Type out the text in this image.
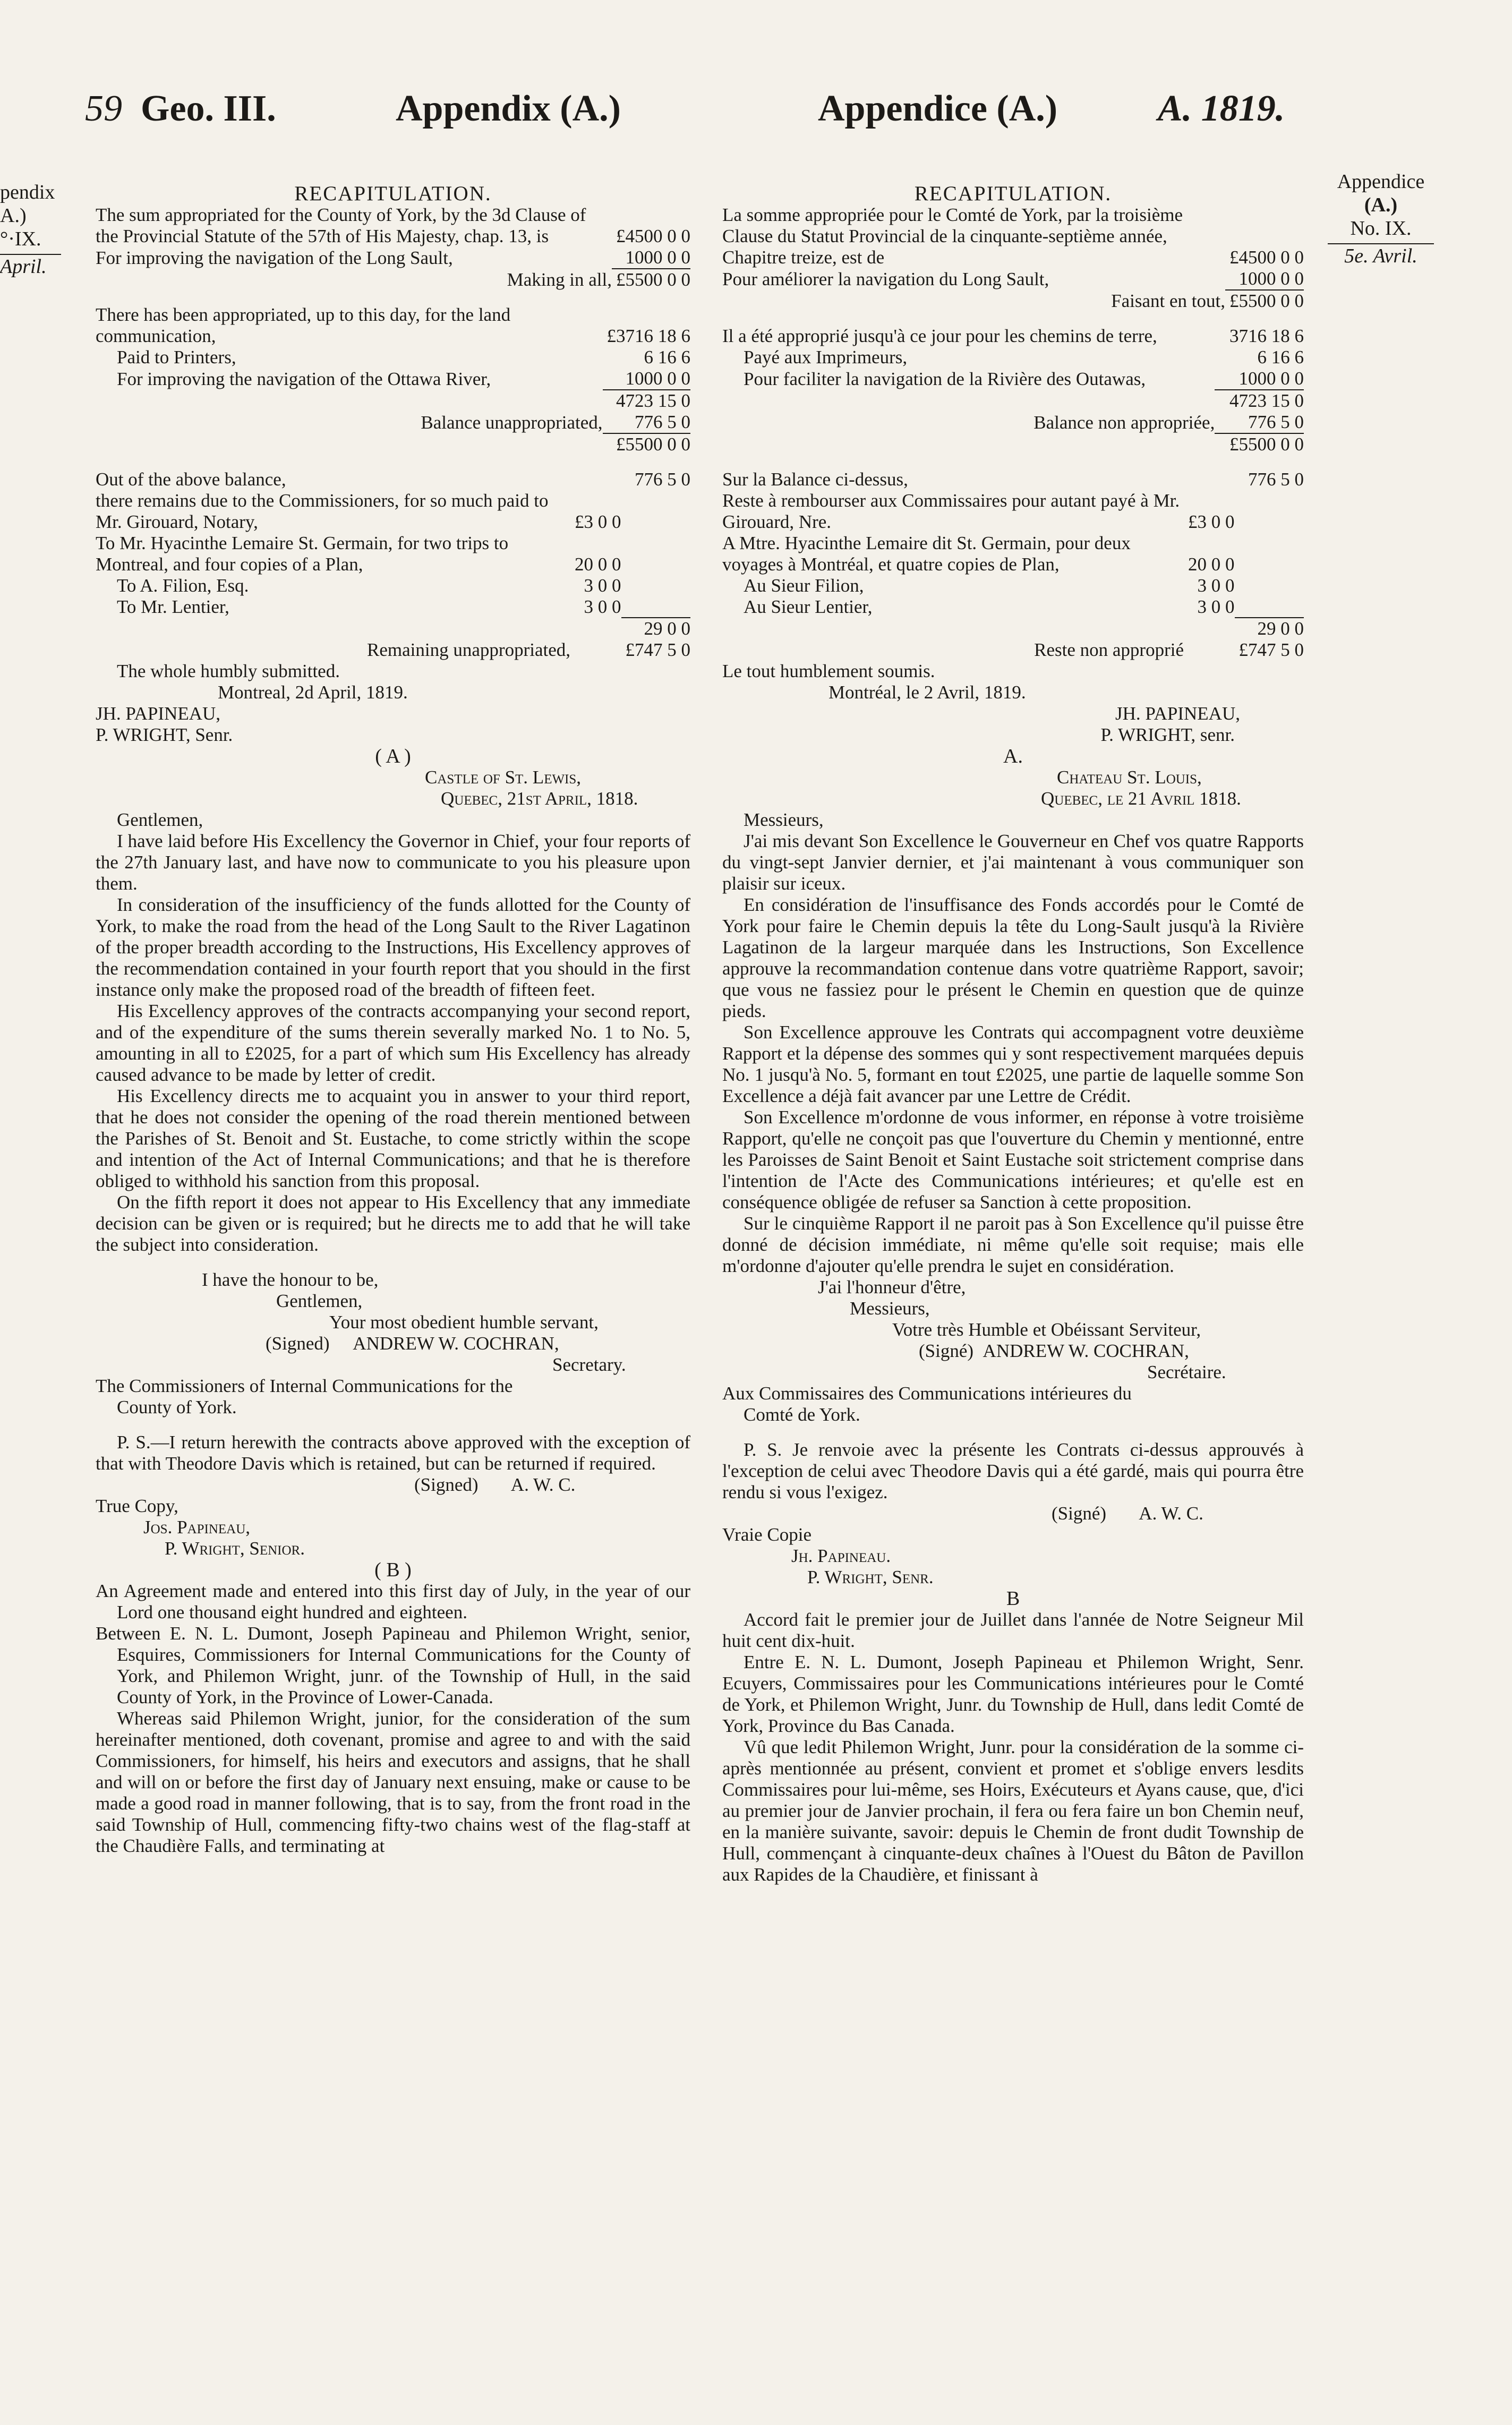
59 Geo. III.	Appendix (A.)	Appendice (A.)	A. 1819.
pendix
A.)
°·IX.
April.
Appendice
(A.)
No. IX.
5e. Avril.

RECAPITULATION.

The sum appropriated for the County of York, by the 3d Clause of the Provincial Statute of the 57th of His Majesty, chap. 13, is	£4500 0 0
For improving the navigation of the Long Sault,	1000 0 0
Making in all,	£5500 0 0
There has been appropriated, up to this day, for the land communication,	£3716 18 6
Paid to Printers,	6 16 6
For improving the navigation of the Ottawa River,	1000 0 0
	4723 15 0
Balance unappropriated,	776 5 0
	£5500 0 0
Out of the above balance,		776 5 0
there remains due to the Commissioners, for so much paid to Mr. Girouard, Notary,	£3 0 0	
To Mr. Hyacinthe Lemaire St. Germain, for two trips to Montreal, and four copies of a Plan,	20 0 0	
To A. Filion, Esq.	3 0 0	
To Mr. Lentier,	3 0 0	
		29 0 0
Remaining unappropriated,		£747 5 0

The whole humbly submitted.

Montreal, 2d April, 1819.

JH. PAPINEAU,

P. WRIGHT, Senr.

( A )

Castle of St. Lewis,

Quebec, 21st April, 1818.

Gentlemen,

I have laid before His Excellency the Governor in Chief, your four reports of the 27th January last, and have now to communicate to you his pleasure upon them.

In consideration of the insufficiency of the funds allotted for the County of York, to make the road from the head of the Long Sault to the River Lagatinon of the proper breadth according to the Instructions, His Excellency approves of the recommendation contained in your fourth report that you should in the first instance only make the proposed road of the breadth of fifteen feet.

His Excellency approves of the contracts accompanying your second report, and of the expenditure of the sums therein severally marked No. 1 to No. 5, amounting in all to £2025, for a part of which sum His Excellency has already caused advance to be made by letter of credit.

His Excellency directs me to acquaint you in answer to your third report, that he does not consider the opening of the road therein mentioned between the Parishes of St. Benoit and St. Eustache, to come strictly within the scope and intention of the Act of Internal Communications; and that he is therefore obliged to withhold his sanction from this proposal.

On the fifth report it does not appear to His Excellency that any immediate decision can be given or is required; but he directs me to add that he will take the subject into consideration.

I have the honour to be,

Gentlemen,

Your most obedient humble servant,

(Signed) ANDREW W. COCHRAN,

Secretary.

The Commissioners of Internal Communications for the County of York.

P. S.—I return herewith the contracts above approved with the exception of that with Theodore Davis which is retained, but can be returned if required.

(Signed) A. W. C.

True Copy,

Jos. Papineau,

P. Wright, Senior.

( B )

An Agreement made and entered into this first day of July, in the year of our Lord one thousand eight hundred and eighteen.

Between E. N. L. Dumont, Joseph Papineau and Philemon Wright, senior, Esquires, Commissioners for Internal Communications for the County of York, and Philemon Wright, junr. of the Township of Hull, in the said County of York, in the Province of Lower-Canada.

Whereas said Philemon Wright, junior, for the consideration of the sum hereinafter mentioned, doth covenant, promise and agree to and with the said Commissioners, for himself, his heirs and executors and assigns, that he shall and will on or before the first day of January next ensuing, make or cause to be made a good road in manner following, that is to say, from the front road in the said Township of Hull, commencing fifty-two chains west of the flag-staff at the Chaudière Falls, and terminating at

RECAPITULATION.

La somme appropriée pour le Comté de York, par la troisième Clause du Statut Provincial de la cinquante-septième année, Chapitre treize, est de	£4500 0 0
Pour améliorer la navigation du Long Sault,	1000 0 0
Faisant en tout,	£5500 0 0
Il a été approprié jusqu'à ce jour pour les chemins de terre,	3716 18 6
Payé aux Imprimeurs,	6 16 6
Pour faciliter la navigation de la Rivière des Outawas,	1000 0 0
	4723 15 0
Balance non appropriée,	776 5 0
	£5500 0 0
Sur la Balance ci-dessus,		776 5 0
Reste à rembourser aux Commissaires pour autant payé à Mr. Girouard, Nre.	£3 0 0	
A Mtre. Hyacinthe Lemaire dit St. Germain, pour deux voyages à Montréal, et quatre copies de Plan,	20 0 0	
Au Sieur Filion,	3 0 0	
Au Sieur Lentier,	3 0 0	
		29 0 0
Reste non approprié		£747 5 0

Le tout humblement soumis.

Montréal, le 2 Avril, 1819.

JH. PAPINEAU,

P. WRIGHT, senr.

A.

Chateau St. Louis,

Quebec, le 21 Avril 1818.

Messieurs,

J'ai mis devant Son Excellence le Gouverneur en Chef vos quatre Rapports du vingt-sept Janvier dernier, et j'ai maintenant à vous communiquer son plaisir sur iceux.

En considération de l'insuffisance des Fonds accordés pour le Comté de York pour faire le Chemin depuis la tête du Long-Sault jusqu'à la Rivière Lagatinon de la largeur marquée dans les Instructions, Son Excellence approuve la recommandation contenue dans votre quatrième Rapport, savoir; que vous ne fassiez pour le présent le Chemin en question que de quinze pieds.

Son Excellence approuve les Contrats qui accompagnent votre deuxième Rapport et la dépense des sommes qui y sont respectivement marquées depuis No. 1 jusqu'à No. 5, formant en tout £2025, une partie de laquelle somme Son Excellence a déjà fait avancer par une Lettre de Crédit.

Son Excellence m'ordonne de vous informer, en réponse à votre troisième Rapport, qu'elle ne conçoit pas que l'ouverture du Chemin y mentionné, entre les Paroisses de Saint Benoit et Saint Eustache soit strictement comprise dans l'intention de l'Acte des Communications intérieures; et qu'elle est en conséquence obligée de refuser sa Sanction à cette proposition.

Sur le cinquième Rapport il ne paroit pas à Son Excellence qu'il puisse être donné de décision immédiate, ni même qu'elle soit requise; mais elle m'ordonne d'ajouter qu'elle prendra le sujet en considération.

J'ai l'honneur d'être,

Messieurs,

Votre très Humble et Obéissant Serviteur,

(Signé) ANDREW W. COCHRAN,

Secrétaire.

Aux Commissaires des Communications intérieures du Comté de York.

P. S. Je renvoie avec la présente les Contrats ci-dessus approuvés à l'exception de celui avec Theodore Davis qui a été gardé, mais qui pourra être rendu si vous l'exigez.

(Signé) A. W. C.

Vraie Copie

Jh. Papineau.

P. Wright, Senr.

B

Accord fait le premier jour de Juillet dans l'année de Notre Seigneur Mil huit cent dix-huit.

Entre E. N. L. Dumont, Joseph Papineau et Philemon Wright, Senr. Ecuyers, Commissaires pour les Communications intérieures pour le Comté de York, et Philemon Wright, Junr. du Township de Hull, dans ledit Comté de York, Province du Bas Canada.

Vû que ledit Philemon Wright, Junr. pour la considération de la somme ci-après mentionnée au présent, convient et promet et s'oblige envers lesdits Commissaires pour lui-même, ses Hoirs, Exécuteurs et Ayans cause, que, d'ici au premier jour de Janvier prochain, il fera ou fera faire un bon Chemin neuf, en la manière suivante, savoir: depuis le Chemin de front dudit Township de Hull, commençant à cinquante-deux chaînes à l'Ouest du Bâton de Pavillon aux Rapides de la Chaudière, et finissant à
